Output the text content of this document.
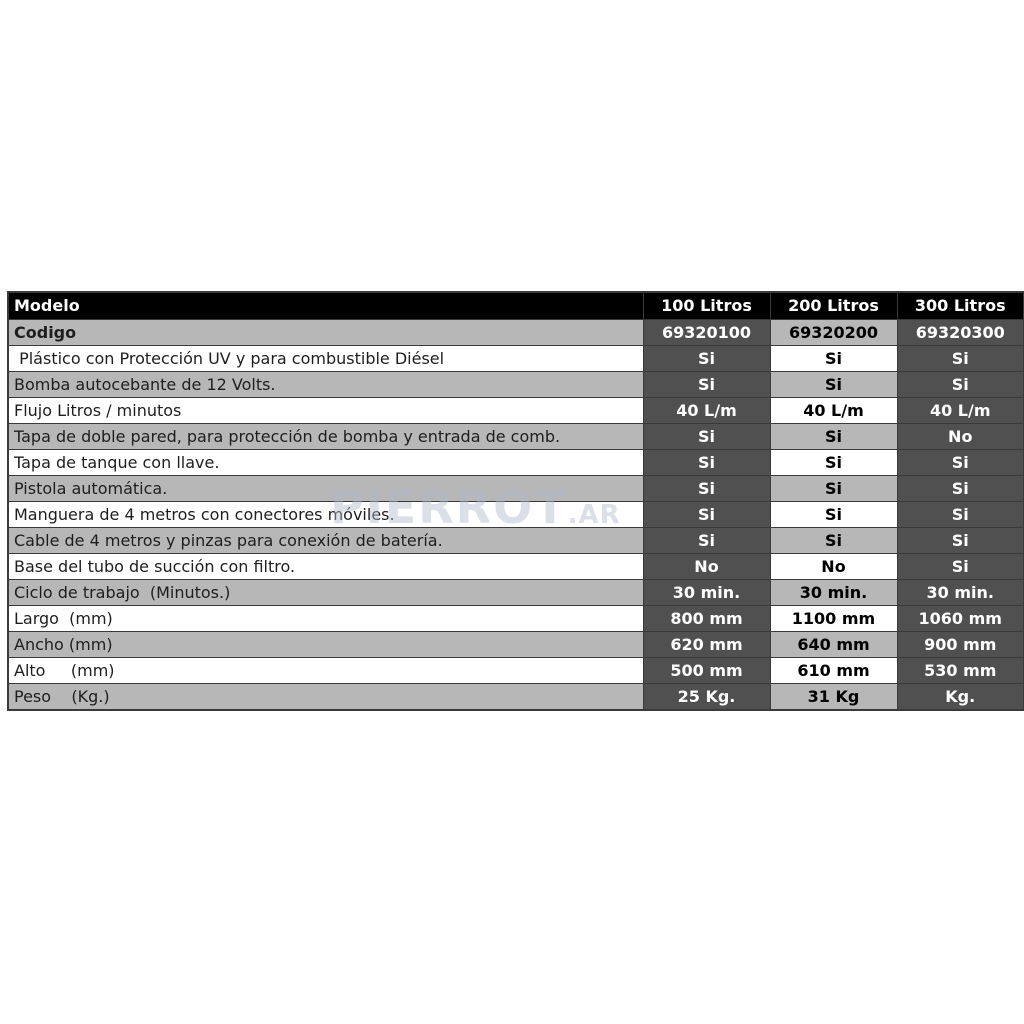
Modelo	100 Litros	200 Litros	300 Litros
Codigo	69320100	69320200	69320300
Plástico con Protección UV y para combustible Diésel	Si	Si	Si
Bomba autocebante de 12 Volts.	Si	Si	Si
Flujo Litros / minutos	40 L/m	40 L/m	40 L/m
Tapa de doble pared, para protección de bomba y entrada de comb.	Si	Si	No
Tapa de tanque con llave.	Si	Si	Si
Pistola automática.	Si	Si	Si
Manguera de 4 metros con conectores móviles.	Si	Si	Si
Cable de 4 metros y pinzas para conexión de batería.	Si	Si	Si
Base del tubo de succión con filtro.	No	No	Si
Ciclo de trabajo  (Minutos.)	30 min.	30 min.	30 min.
Largo  (mm)	800 mm	1100 mm	1060 mm
Ancho (mm)	620 mm	640 mm	900 mm
Alto     (mm)	500 mm	610 mm	530 mm
Peso    (Kg.)	25 Kg.	31 Kg	Kg.
PIERROT.AR
